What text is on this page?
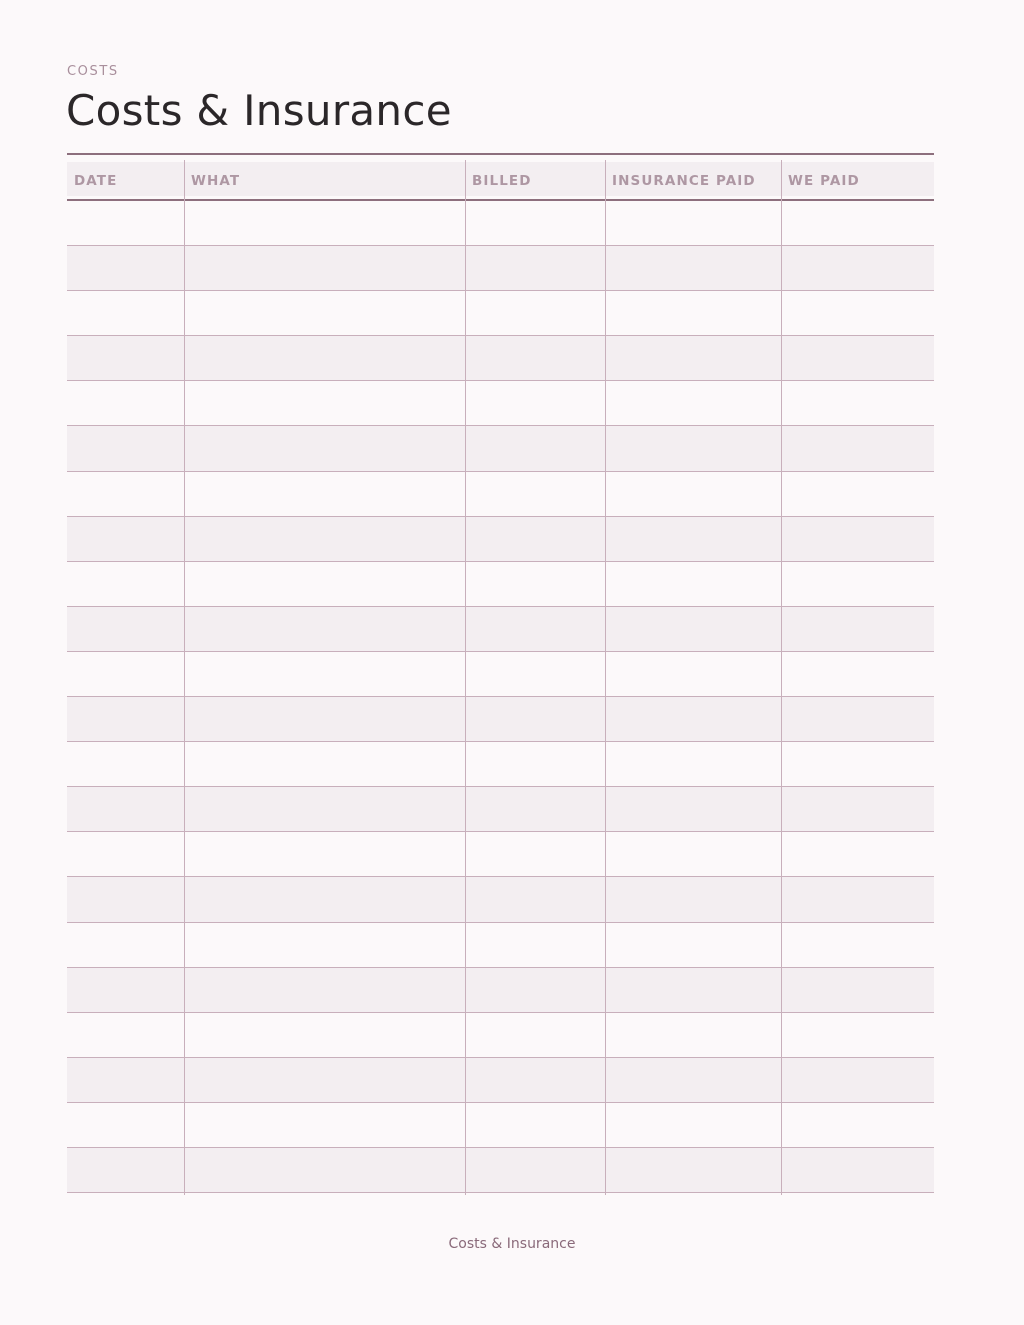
COSTS
Costs & Insurance
DATE	WHAT	BILLED	INSURANCE PAID	WE PAID
Costs & Insurance
